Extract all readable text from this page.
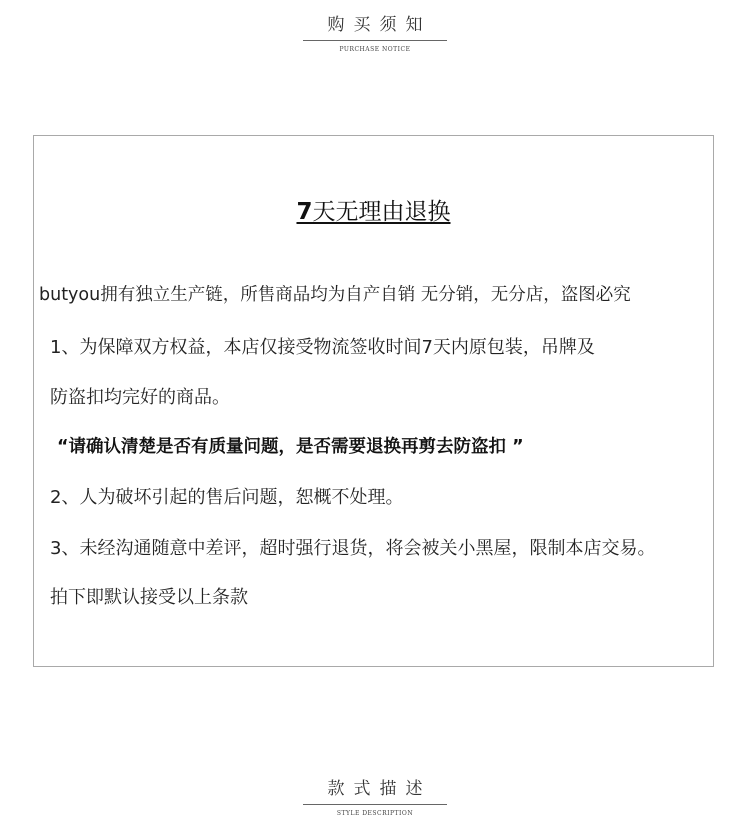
购买须知
PURCHASE NOTICE
7天无理由退换
butyou拥有独立生产链，所售商品均为自产自销 无分销，无分店，盗图必究
1、为保障双方权益，本店仅接受物流签收时间7天内原包装，吊牌及
防盗扣均完好的商品。
“请确认清楚是否有质量问题，是否需要退换再剪去防盗扣 ”
2、人为破坏引起的售后问题，恕概不处理。
3、未经沟通随意中差评，超时强行退货，将会被关小黑屋，限制本店交易。
拍下即默认接受以上条款
款式描述
STYLE DESCRIPTION
